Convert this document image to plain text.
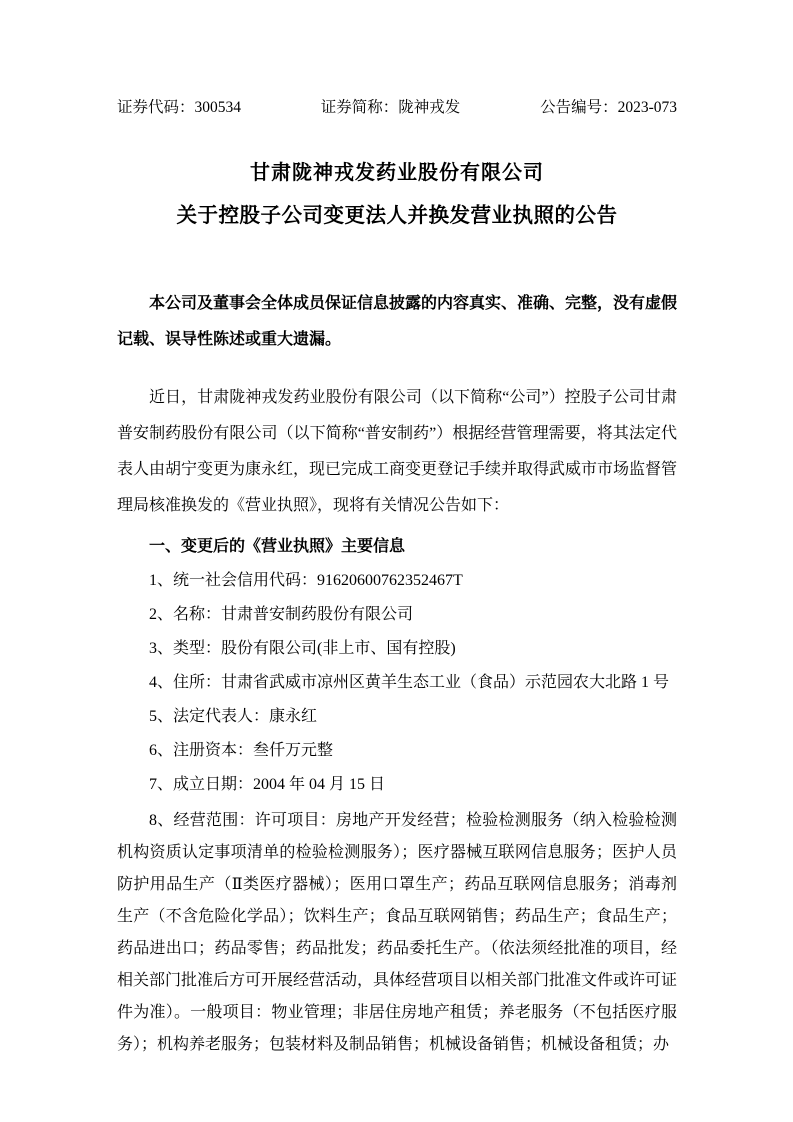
证券代码：300534	证券简称：陇神戎发	公告编号：2023-073
甘肃陇神戎发药业股份有限公司
关于控股子公司变更法人并换发营业执照的公告

本公司及董事会全体成员保证信息披露的内容真实、准确、完整，没有虚假记载、误导性陈述或重大遗漏。

近日，甘肃陇神戎发药业股份有限公司（以下简称“公司”）控股子公司甘肃普安制药股份有限公司（以下简称“普安制药”）根据经营管理需要，将其法定代表人由胡宁变更为康永红，现已完成工商变更登记手续并取得武威市市场监督管理局核准换发的《营业执照》，现将有关情况公告如下：

一、变更后的《营业执照》主要信息

1、统一社会信用代码：91620600762352467T

2、名称：甘肃普安制药股份有限公司

3、类型：股份有限公司(非上市、国有控股)

4、住所：甘肃省武威市凉州区黄羊生态工业（食品）示范园农大北路 1 号

5、法定代表人：康永红

6、注册资本：叁仟万元整

7、成立日期：2004 年 04 月 15 日

8、经营范围：许可项目：房地产开发经营；检验检测服务（纳入检验检测机构资质认定事项清单的检验检测服务）；医疗器械互联网信息服务；医护人员防护用品生产（Ⅱ类医疗器械）；医用口罩生产；药品互联网信息服务；消毒剂生产（不含危险化学品）；饮料生产；食品互联网销售；药品生产；食品生产；药品进出口；药品零售；药品批发；药品委托生产。（依法须经批准的项目，经相关部门批准后方可开展经营活动，具体经营项目以相关部门批准文件或许可证件为准）。一般项目：物业管理；非居住房地产租赁；养老服务（不包括医疗服务）；机构养老服务；包装材料及制品销售；机械设备销售；机械设备租赁；办
